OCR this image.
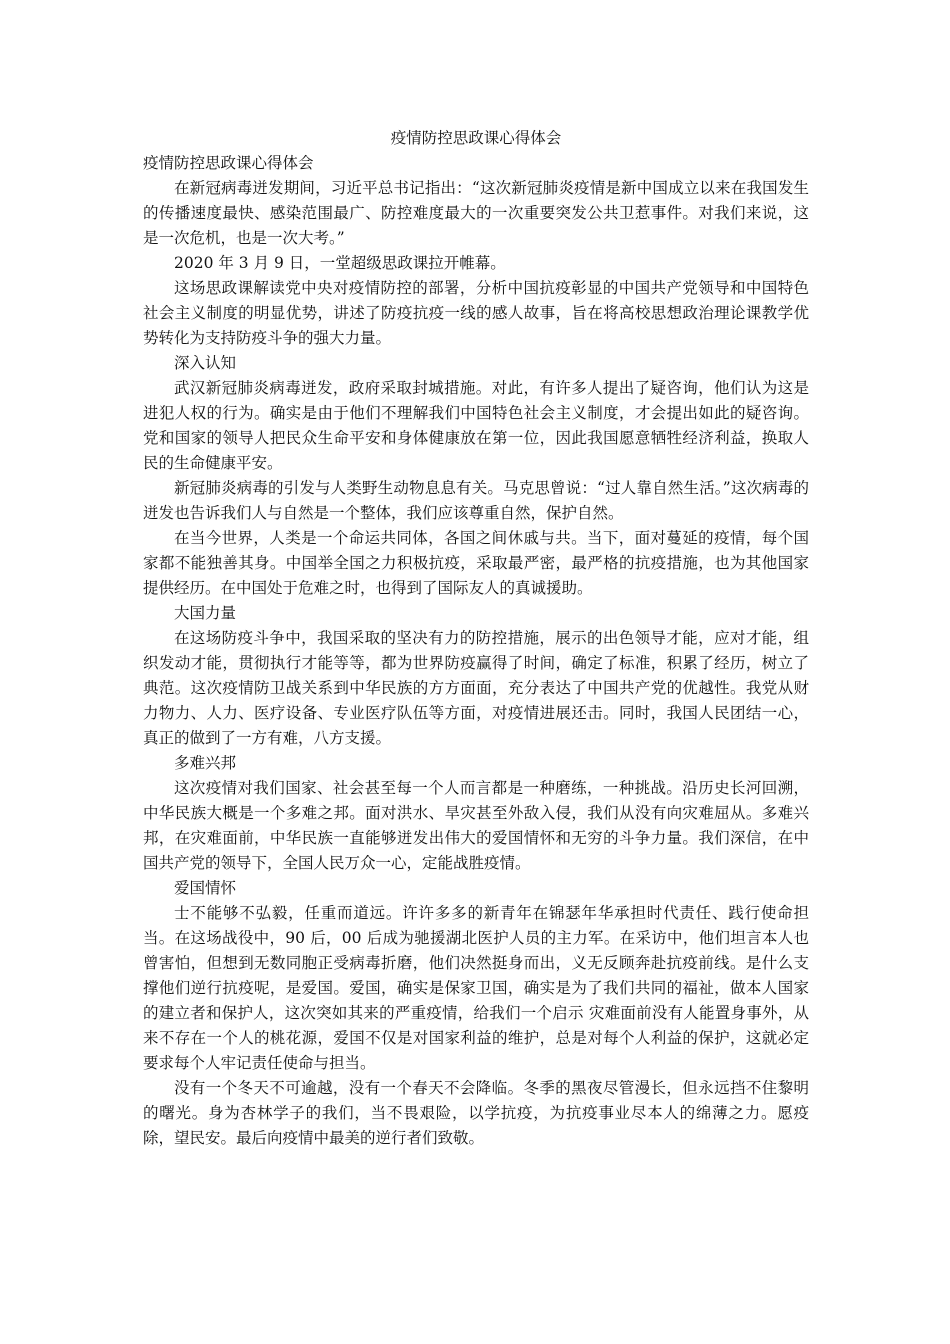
疫情防控思政课心得体会

疫情防控思政课心得体会

在新冠病毒迸发期间，习近平总书记指出：“这次新冠肺炎疫情是新中国成立以来在我国发生的传播速度最快、感染范围最广、防控难度最大的一次重要突发公共卫惹事件。对我们来说，这是一次危机，也是一次大考。”

2020 年 3 月 9 日，一堂超级思政课拉开帷幕。

这场思政课解读党中央对疫情防控的部署，分析中国抗疫彰显的中国共产党领导和中国特色社会主义制度的明显优势，讲述了防疫抗疫一线的感人故事，旨在将高校思想政治理论课教学优势转化为支持防疫斗争的强大力量。

深入认知

武汉新冠肺炎病毒迸发，政府采取封城措施。对此，有许多人提出了疑咨询，他们认为这是进犯人权的行为。确实是由于他们不理解我们中国特色社会主义制度，才会提出如此的疑咨询。党和国家的领导人把民众生命平安和身体健康放在第一位，因此我国愿意牺牲经济利益，换取人民的生命健康平安。

新冠肺炎病毒的引发与人类野生动物息息有关。马克思曾说：“过人靠自然生活。”这次病毒的迸发也告诉我们人与自然是一个整体，我们应该尊重自然，保护自然。

在当今世界，人类是一个命运共同体，各国之间休戚与共。当下，面对蔓延的疫情，每个国家都不能独善其身。中国举全国之力积极抗疫，采取最严密，最严格的抗疫措施，也为其他国家提供经历。在中国处于危难之时，也得到了国际友人的真诚援助。

大国力量

在这场防疫斗争中，我国采取的坚决有力的防控措施，展示的出色领导才能，应对才能，组织发动才能，贯彻执行才能等等，都为世界防疫赢得了时间，确定了标准，积累了经历，树立了典范。这次疫情防卫战关系到中华民族的方方面面，充分表达了中国共产党的优越性。我党从财力物力、人力、医疗设备、专业医疗队伍等方面，对疫情进展还击。同时，我国人民团结一心，真正的做到了一方有难，八方支援。

多难兴邦

这次疫情对我们国家、社会甚至每一个人而言都是一种磨练，一种挑战。沿历史长河回溯，中华民族大概是一个多难之邦。面对洪水、旱灾甚至外敌入侵，我们从没有向灾难屈从。多难兴邦，在灾难面前，中华民族一直能够迸发出伟大的爱国情怀和无穷的斗争力量。我们深信，在中国共产党的领导下，全国人民万众一心，定能战胜疫情。

爱国情怀

士不能够不弘毅，任重而道远。许许多多的新青年在锦瑟年华承担时代责任、践行使命担当。在这场战役中，90 后，00 后成为驰援湖北医护人员的主力军。在采访中，他们坦言本人也曾害怕，但想到无数同胞正受病毒折磨，他们决然挺身而出，义无反顾奔赴抗疫前线。是什么支撑他们逆行抗疫呢，是爱国。爱国，确实是保家卫国，确实是为了我们共同的福祉，做本人国家的建立者和保护人，这次突如其来的严重疫情，给我们一个启示 灾难面前没有人能置身事外，从来不存在一个人的桃花源，爱国不仅是对国家利益的维护，总是对每个人利益的保护，这就必定要求每个人牢记责任使命与担当。

没有一个冬天不可逾越，没有一个春天不会降临。冬季的黑夜尽管漫长，但永远挡不住黎明的曙光。身为杏林学子的我们，当不畏艰险，以学抗疫，为抗疫事业尽本人的绵薄之力。愿疫除，望民安。最后向疫情中最美的逆行者们致敬。
